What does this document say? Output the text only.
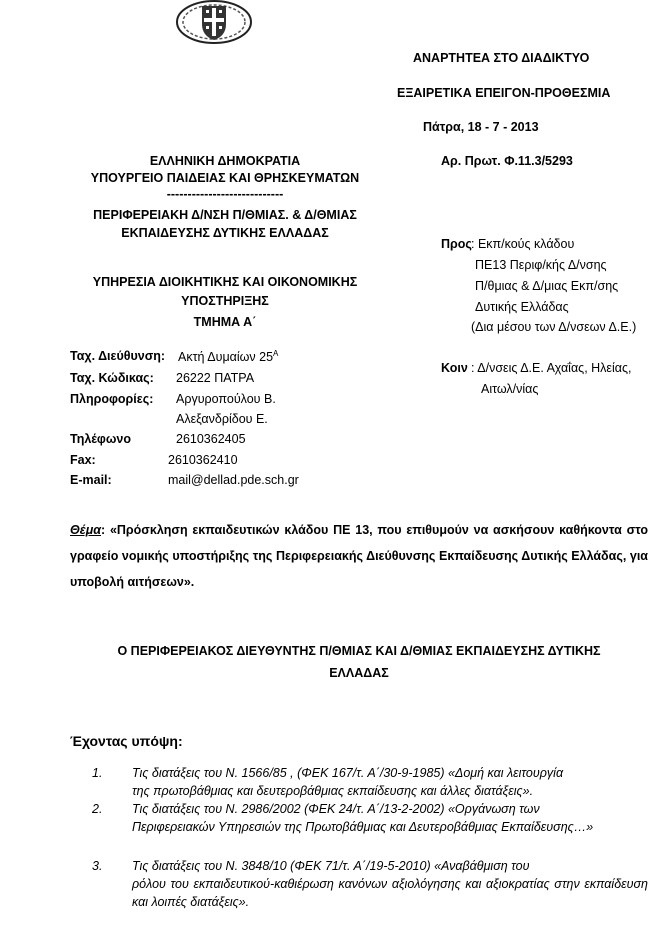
ΑΝΑΡΤΗΤΕΑ ΣΤΟ ΔΙΑΔΙΚΤΥΟ
ΕΞΑΙΡΕΤΙΚΑ ΕΠΕΙΓΟΝ-ΠΡΟΘΕΣΜΙΑ
Πάτρα, 18 - 7 - 2013
Αρ. Πρωτ. Φ.11.3/5293
ΕΛΛΗΝΙΚΗ ΔΗΜΟΚΡΑΤΙΑ
ΥΠΟΥΡΓΕΙΟ ΠΑΙΔΕΙΑΣ ΚΑΙ ΘΡΗΣΚΕΥΜΑΤΩΝ
----------------------------
ΠΕΡΙΦΕΡΕΙΑΚΗ Δ/ΝΣΗ Π/ΘΜΙΑΣ. & Δ/ΘΜΙΑΣ
ΕΚΠΑΙΔΕΥΣΗΣ ΔΥΤΙΚΗΣ ΕΛΛΑΔΑΣ
ΥΠΗΡΕΣΙΑ ΔΙΟΙΚΗΤΙΚΗΣ ΚΑΙ ΟΙΚΟΝΟΜΙΚΗΣ
ΥΠΟΣΤΗΡΙΞΗΣ
ΤΜΗΜΑ Α΄
Ταχ. Διεύθυνση: Ακτή Δυμαίων $25^A$
Ταχ. Κώδικας: 26222 ΠΑΤΡΑ
Πληροφορίες: Αργυροπούλου Β.
Αλεξανδρίδου Ε.
Τηλέφωνο	2610362405
Fax:	2610362410
E-mail:	mail@dellad.pde.sch.gr
Προς : Εκπ/κούς κλάδου
ΠΕ13 Περιφ/κής Δ/νσης
Π/θμιας & Δ/μιας Εκπ/σης
Δυτικής Ελλάδας
(Δια μέσου των Δ/νσεων Δ.Ε.)
Κοιν : Δ/νσεις Δ.Ε. Αχαΐας, Ηλείας,
Αιτωλ/νίας
Θέμα: «Πρόσκληση εκπαιδευτικών κλάδου ΠΕ 13, που επιθυμούν να ασκήσουν καθήκοντα στο γραφείο νομικής υποστήριξης της Περιφερειακής Διεύθυνσης Εκπαίδευσης Δυτικής Ελλάδας, για υποβολή αιτήσεων».
Ο ΠΕΡΙΦΕΡΕΙΑΚΟΣ ΔΙΕΥΘΥΝΤΗΣ Π/ΘΜΙΑΣ ΚΑΙ Δ/ΘΜΙΑΣ ΕΚΠΑΙΔΕΥΣΗΣ ΔΥΤΙΚΗΣ
ΕΛΛΑΔΑΣ
Έχοντας υπόψη:
1.	Τις διατάξεις του Ν. 1566/85 , (ΦΕΚ 167/τ. Α΄/30-9-1985) «Δομή και λειτουργία
της πρωτοβάθμιας και δευτεροβάθμιας εκπαίδευσης και άλλες διατάξεις».
2.	Τις διατάξεις του Ν. 2986/2002 (ΦΕΚ 24/τ. Α΄/13-2-2002) «Οργάνωση των
Περιφερειακών Υπηρεσιών της Πρωτοβάθμιας και Δευτεροβάθμιας Εκπαίδευσης…»
3.	Τις διατάξεις του Ν. 3848/10 (ΦΕΚ 71/τ. Α΄/19-5-2010) «Αναβάθμιση του
ρόλου του εκπαιδευτικού-καθιέρωση κανόνων αξιολόγησης και αξιοκρατίας στην εκπαίδευση και λοιπές διατάξεις».
